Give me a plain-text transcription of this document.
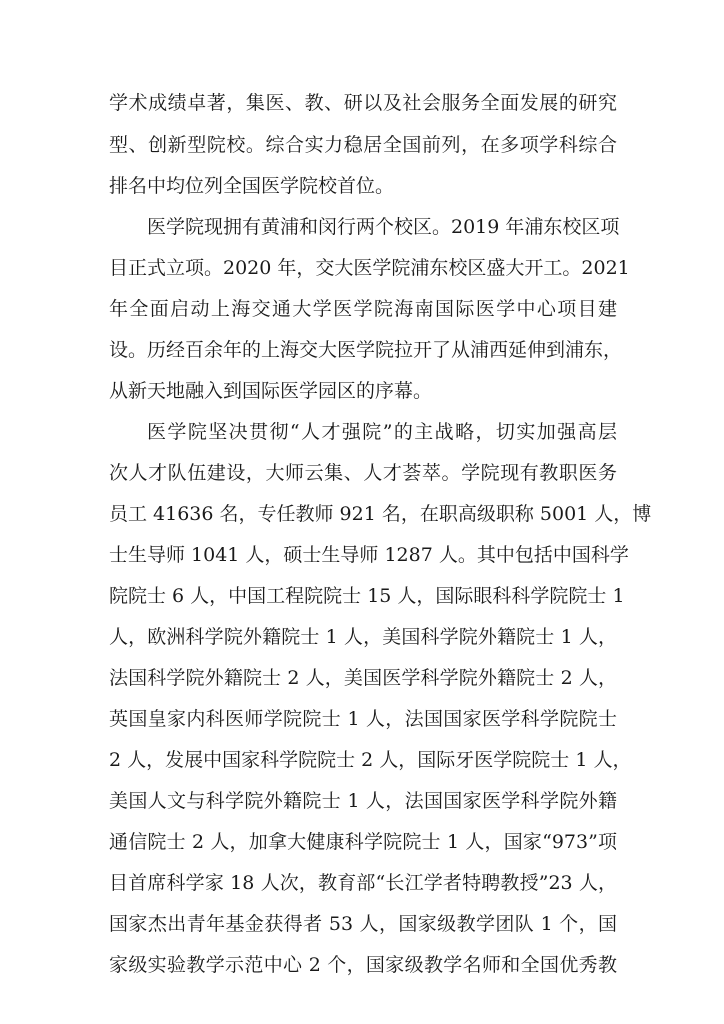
学术成绩卓著，集医、教、研以及社会服务全面发展的研究
型、创新型院校。综合实力稳居全国前列，在多项学科综合
排名中均位列全国医学院校首位。
医学院现拥有黄浦和闵行两个校区。2019 年浦东校区项
目正式立项。2020 年，交大医学院浦东校区盛大开工。2021
年全面启动上海交通大学医学院海南国际医学中心项目建
设。历经百余年的上海交大医学院拉开了从浦西延伸到浦东，
从新天地融入到国际医学园区的序幕。
医学院坚决贯彻“人才强院”的主战略，切实加强高层
次人才队伍建设，大师云集、人才荟萃。学院现有教职医务
员工 41636 名，专任教师 921 名，在职高级职称 5001 人，博
士生导师 1041 人，硕士生导师 1287 人。其中包括中国科学
院院士 6 人，中国工程院院士 15 人，国际眼科科学院院士 1
人，欧洲科学院外籍院士 1 人，美国科学院外籍院士 1 人，
法国科学院外籍院士 2 人，美国医学科学院外籍院士 2 人，
英国皇家内科医师学院院士 1 人，法国国家医学科学院院士
2 人，发展中国家科学院院士 2 人，国际牙医学院院士 1 人，
美国人文与科学院外籍院士 1 人，法国国家医学科学院外籍
通信院士 2 人，加拿大健康科学院院士 1 人，国家“973”项
目首席科学家 18 人次，教育部“长江学者特聘教授”23 人，
国家杰出青年基金获得者 53 人，国家级教学团队 1 个，国
家级实验教学示范中心 2 个，国家级教学名师和全国优秀教
